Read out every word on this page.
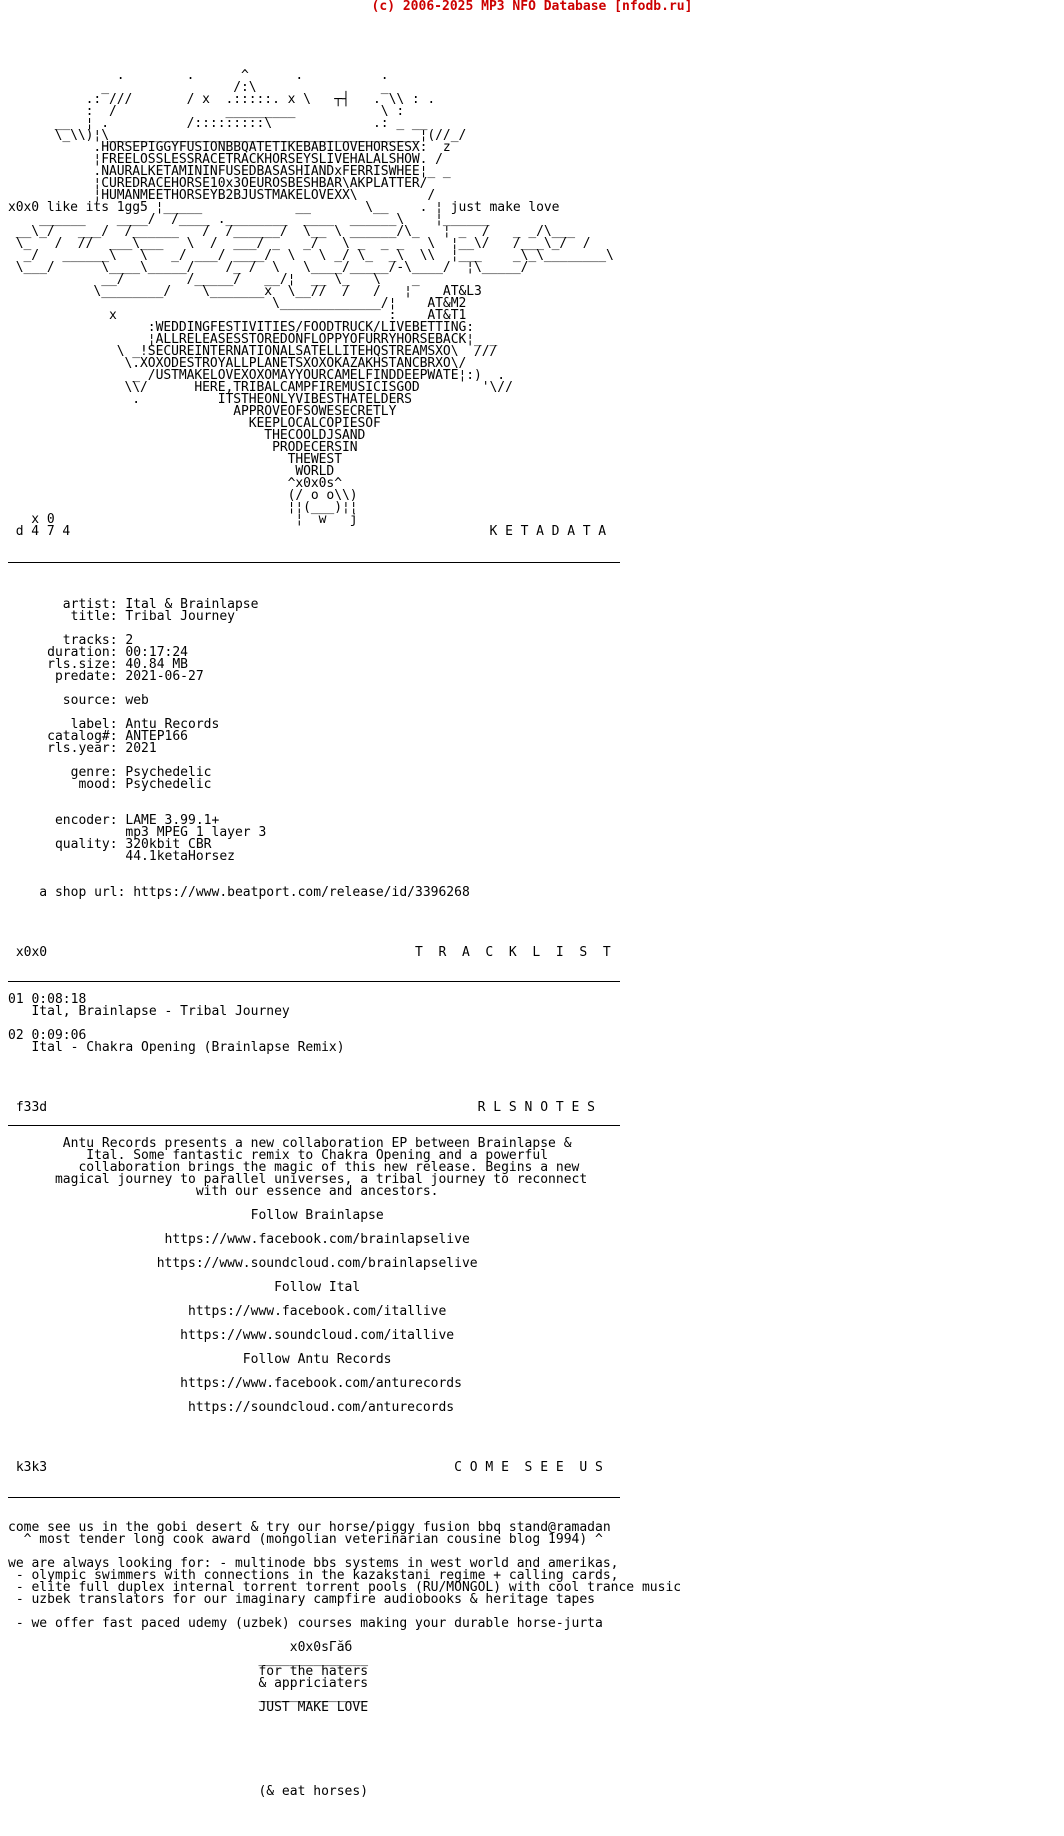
(c) 2006-2025 MP3 NFO Database [nfodb.ru]
.        .      ^      .          .
_                /:\                _
.: ///       / x  .:::::. x \   ┬┤   . \\ : .
:  /              _________           \ :
__  ¦ .          /:::::::::\             .: _ __
\_\\)¦\________________________________________¦(//_/
.HORSEPIGGYFUSIONBBQATETIKEBABILOVEHORSESX:  z
¦FREELOSSLESSRACETRACKHORSEYSLIVEHALALSHOW. /
.NAURALKETAMININFUSEDBASASHIANDxFERRISWHEE¦_ _
¦CUREDRACEHORSE10x3OEUROSBESHBAR\AKPLATTER/
¦HUMANMEETHORSEYB2BJUSTMAKELOVEXX\         /
x0x0 like its 1gg5 ¦_____            __       \__    . ¦ just make love
______    ____/  /____ .________  ____  ______\    ¦______
__\_/   ___/  /______   /  /______/  \__ \ ______/\_   ¦ _  /   _ _/\___
\_   /  //  ___\___   \  /  ___/ _   _/   \ _  _ _   \  ¦__\/   /___\_/  /
_/   ______\   \   _/ ___/ ____/  \   \ _/ \_  _\  \\  ¦___    _\_\________\
\___/      \____\_____/    /_ /  \   \____/_____/-\____/  ¦\_____/
__/        /_____/   __/¦  __ \_   \    _
\________/    \_______x  \__//  /   /   ¦    AT&L3
\_____________/¦    AT&M2
x                                   :    AT&T1
:WEDDINGFESTIVITIES/FOODTRUCK/LIVEBETTING:
¦ALLRELEASESSTOREDONFLOPPYOFURRYHORSEBACK¦_ _
\ _!SECUREINTERNATIONALSATELLITEHQSTREAMSXO\  ///
\.XOXODESTROYALLPLANETSXOXOKAZAKHSTANCBRXO\/
_ /USTMAKELOVEXOXOMAYYOURCAMELFINDDEEPWATE¦:)  .
\\/      HERE,TRIBALCAMPFIREMUSICISGOD        '\//
.          ITSTHEONLYVIBESTHATELDERS
APPROVEOFSOWESECRETLY
KEEPLOCALCOPIESOF
THECOOLDJSAND
PRODECERSIN
THEWEST
WORLD
^x0x0s^
(/ o o\\)
¦¦(___)¦¦
x 0                               ¦  w   j
d 4 7 4                                                      K E T A D A T A

artist: Ital & Brainlapse
title: Tribal Journey

tracks: 2
duration: 00:17:24
rls.size: 40.84 MB
predate: 2021-06-27

source: web

label: Antu Records
catalog#: ANTEP166
rls.year: 2021

genre: Psychedelic
mood: Psychedelic

encoder: LAME 3.99.1+
mp3 MPEG 1 layer 3
quality: 320kbit CBR
44.1ketaHorsez

a shop url: https://www.beatport.com/release/id/3396268

x0x0                                               T  R  A  C  K  L  I  S  T

01 0:08:18
Ital, Brainlapse - Tribal Journey

02 0:09:06
Ital - Chakra Opening (Brainlapse Remix)

f33d                                                       R L S N O T E S

Antu Records presents a new collaboration EP between Brainlapse &
Ital. Some fantastic remix to Chakra Opening and a powerful
collaboration brings the magic of this new release. Begins a new
magical journey to parallel universes, a tribal journey to reconnect
with our essence and ancestors.

Follow Brainlapse

https://www.facebook.com/brainlapselive

https://www.soundcloud.com/brainlapselive

Follow Ital

https://www.facebook.com/itallive

https://www.soundcloud.com/itallive

Follow Antu Records

https://www.facebook.com/anturecords

https://soundcloud.com/anturecords

k3k3                                                    C O M E  S E E  U S

come see us in the gobi desert & try our horse/piggy fusion bbq stand@ramadan
^ most tender long cook award (mongolian veterinarian cousine blog 1994) ^

we are always looking for: - multinode bbs systems in west world and amerikas,
- olympic swimmers with connections in the kazakstani regime + calling cards,
- elite full duplex internal torrent torrent pools (RU/MONGOL) with cool trance music
- uzbek translators for our imaginary campfire audiobooks & heritage tapes

- we offer fast paced udemy (uzbek) courses making your durable horse-jurta

x0x0sГӑб
______________
for the haters
& appriciaters
______________
JUST MAKE LOVE

(& eat horses)
